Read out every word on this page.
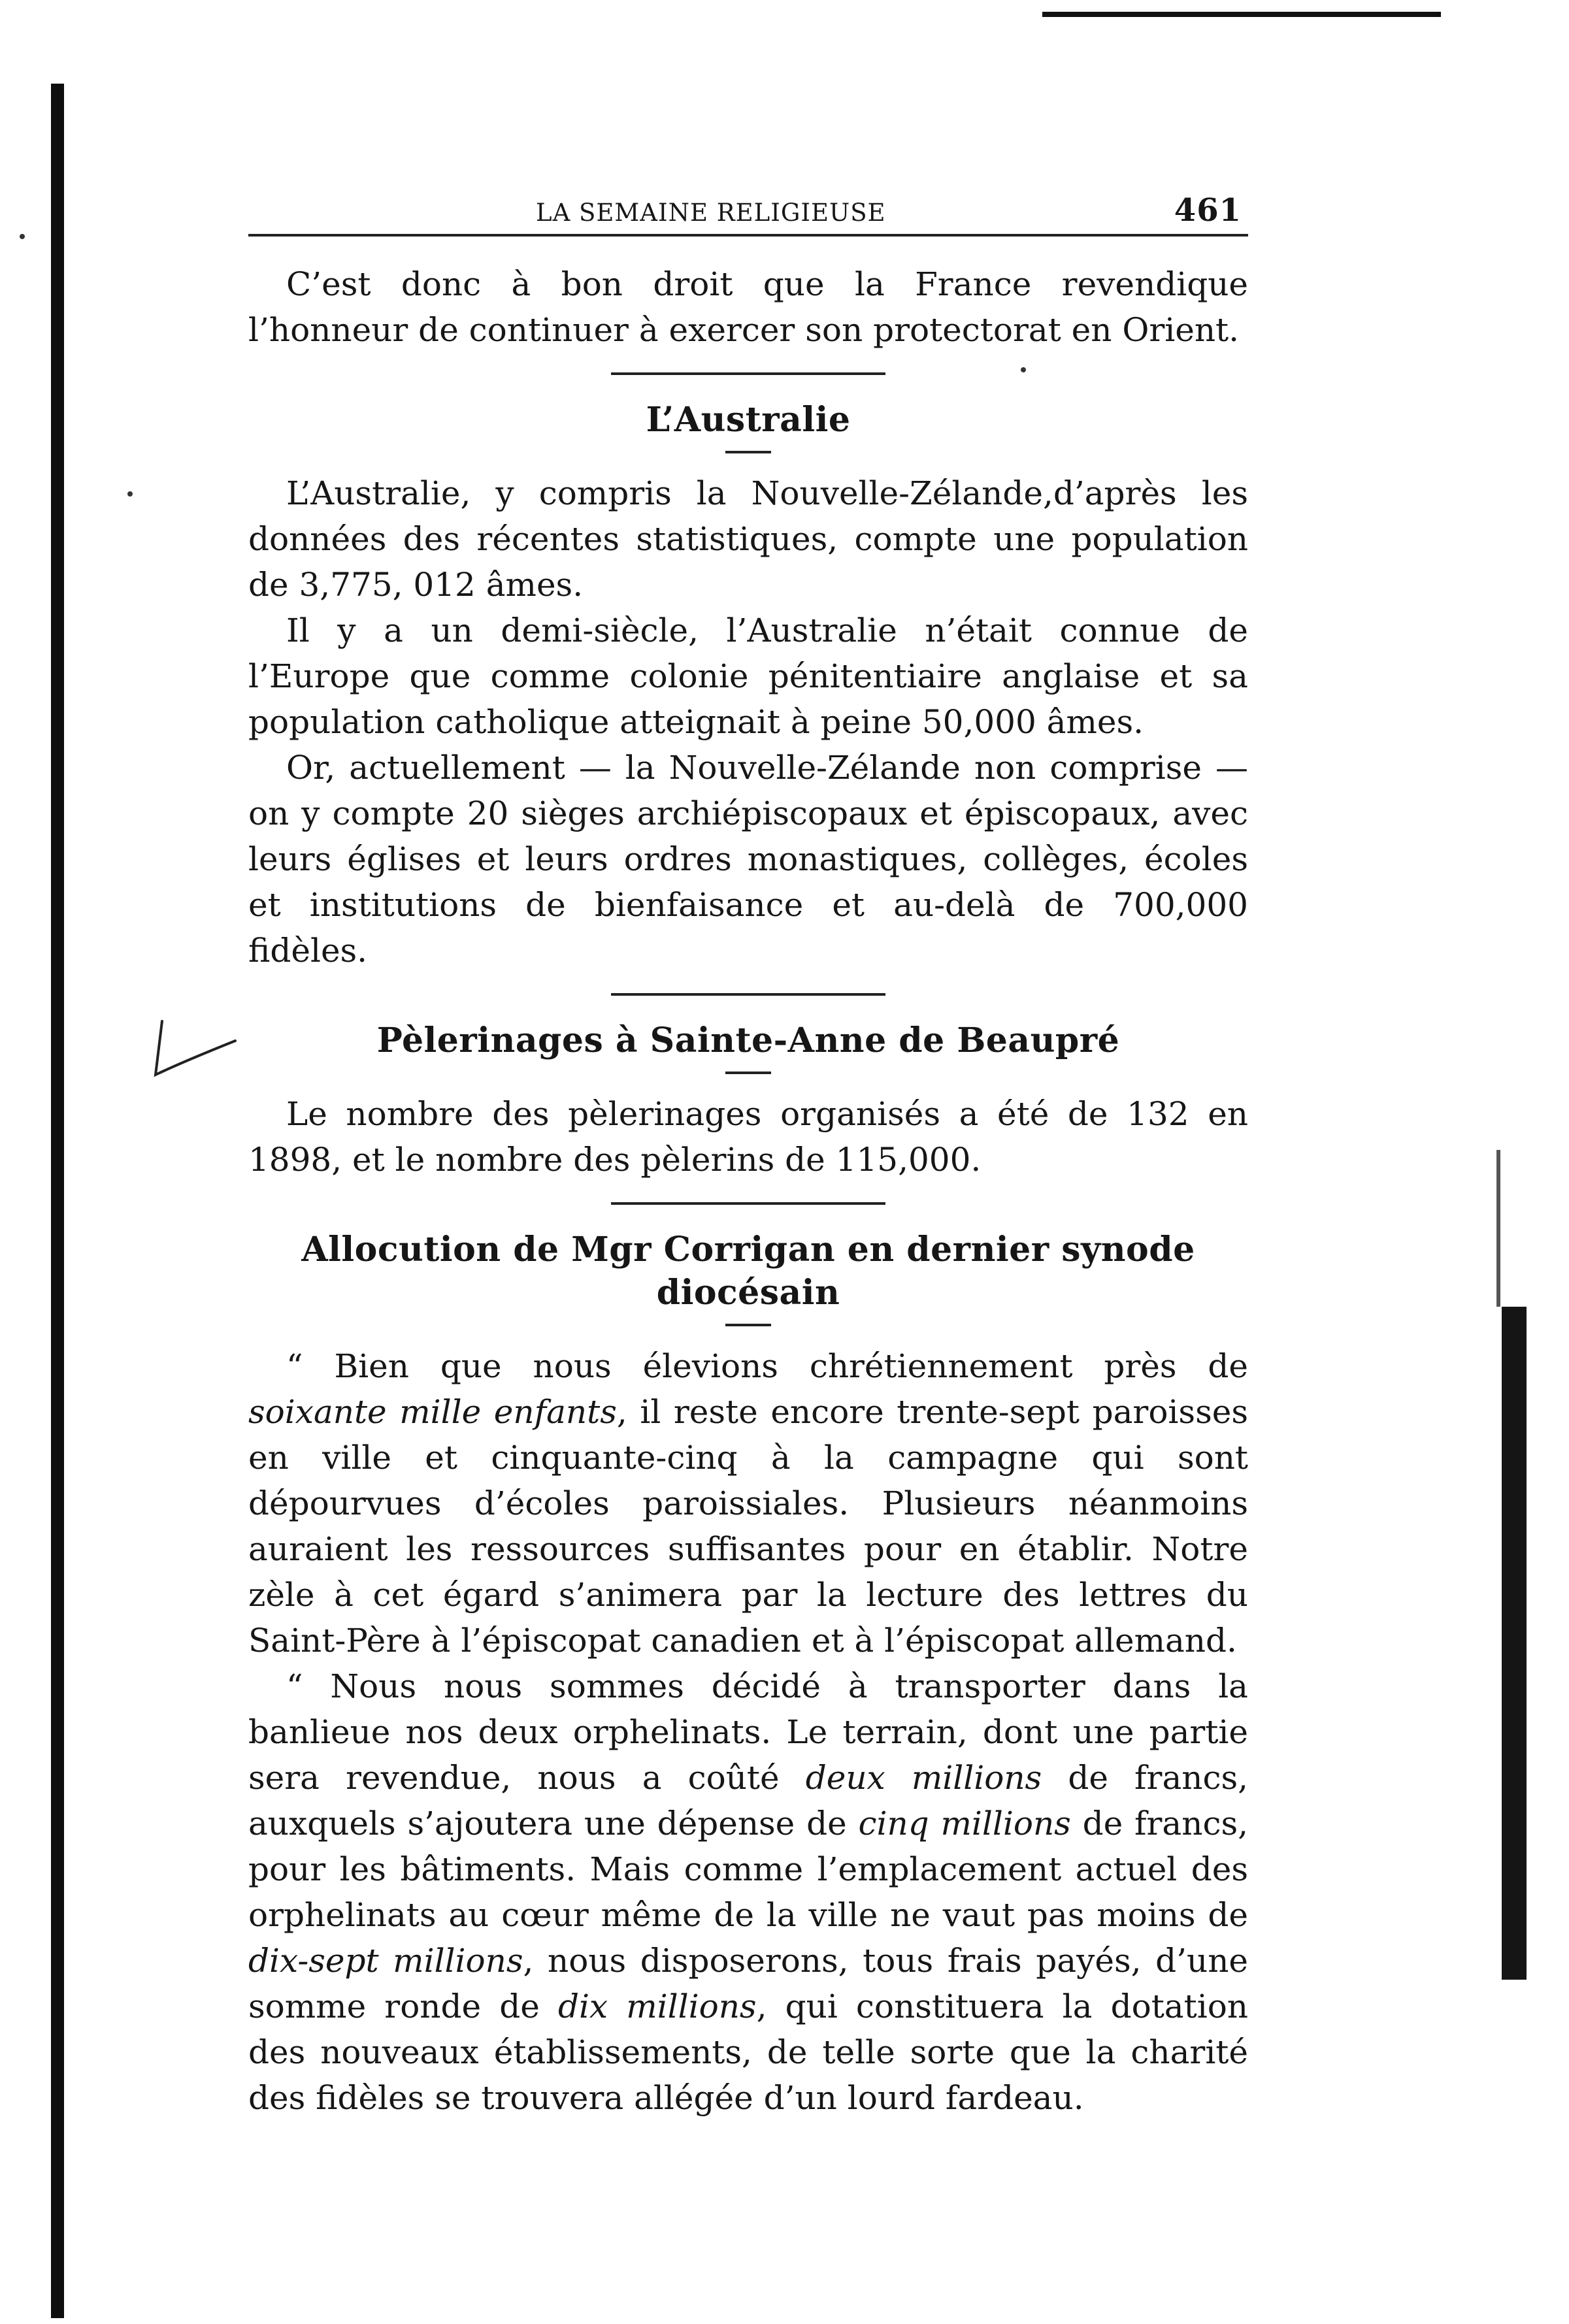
LA SEMAINE RELIGIEUSE	461

C’est donc à bon droit que la France revendique l’honneur de continuer à exercer son protectorat en Orient.

L’Australie

L’Australie, y compris la Nouvelle-Zélande,d’après les données des récentes statistiques, compte une population de 3,775, 012 âmes.

Il y a un demi-siècle, l’Australie n’était connue de l’Europe que comme colonie pénitentiaire anglaise et sa population catholique atteignait à peine 50,000 âmes.

Or, actuellement — la Nouvelle-Zélande non comprise — on y compte 20 sièges archiépiscopaux et épiscopaux, avec leurs églises et leurs ordres monastiques, collèges, écoles et institutions de bienfaisance et au-delà de 700,000 fidèles.

Pèlerinages à Sainte-Anne de Beaupré

Le nombre des pèlerinages organisés a été de 132 en 1898, et le nombre des pèlerins de 115,000.

Allocution de Mgr Corrigan en dernier synode diocésain

“ Bien que nous élevions chrétiennement près de soixante mille enfants, il reste encore trente-sept paroisses en ville et cinquante-cinq à la campagne qui sont dépourvues d’écoles paroissiales. Plusieurs néanmoins auraient les ressources suffisantes pour en établir. Notre zèle à cet égard s’animera par la lecture des lettres du Saint-Père à l’épiscopat canadien et à l’épiscopat allemand.

“ Nous nous sommes décidé à transporter dans la banlieue nos deux orphelinats. Le terrain, dont une partie sera revendue, nous a coûté deux millions de francs, auxquels s’ajoutera une dépense de cinq millions de francs, pour les bâtiments. Mais comme l’emplacement actuel des orphelinats au cœur même de la ville ne vaut pas moins de dix-sept millions, nous disposerons, tous frais payés, d’une somme ronde de dix millions, qui constituera la dotation des nouveaux établissements, de telle sorte que la charité des fidèles se trouvera allégée d’un lourd fardeau.
